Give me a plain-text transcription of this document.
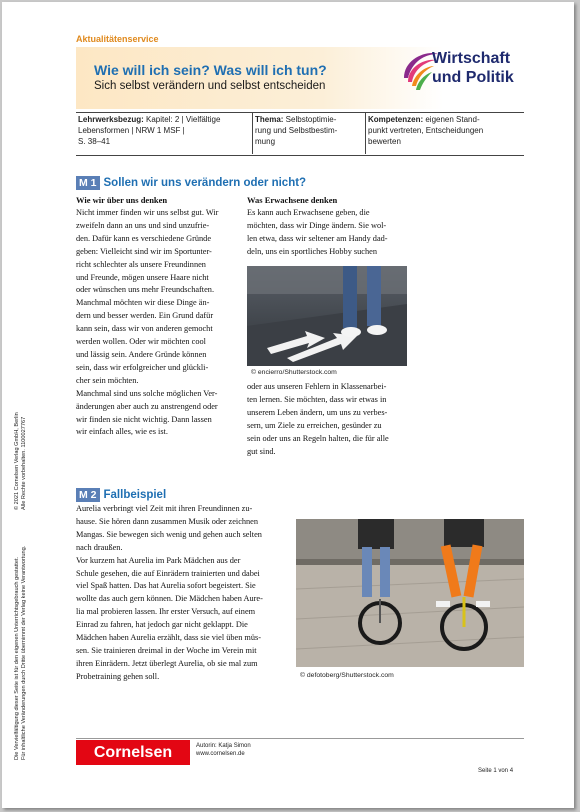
Aktualitätenservice
Wie will ich sein? Was will ich tun?
Sich selbst verändern und selbst entscheiden
Wirtschaft
und Politik
Lehrwerksbezug: Kapitel: 2 | Vielfältige
Lebensformen | NRW 1 MSF |
S. 38–41
Thema: Selbstoptimie-
rung und Selbstbestim-
mung
Kompetenzen: eigenen Stand-
punkt vertreten, Entscheidungen
bewerten
M 1 Sollen wir uns verändern oder nicht?
Wie wir über uns denken
Nicht immer finden wir uns selbst gut. Wir
zweifeln dann an uns und sind unzufrie-
den. Dafür kann es verschiedene Gründe
geben: Vielleicht sind wir im Sportunter-
richt schlechter als unsere Freundinnen
und Freunde, mögen unsere Haare nicht
oder wünschen uns mehr Freundschaften.
Manchmal möchten wir diese Dinge än-
dern und besser werden. Ein Grund dafür
kann sein, dass wir von anderen gemocht
werden wollen. Oder wir möchten cool
und lässig sein. Andere Gründe können
sein, dass wir erfolgreicher und glückli-
cher sein möchten.
Manchmal sind uns solche möglichen Ver-
änderungen aber auch zu anstrengend oder
wir finden sie nicht wichtig. Dann lassen
wir einfach alles, wie es ist.
Was Erwachsene denken
Es kann auch Erwachsene geben, die
möchten, dass wir Dinge ändern. Sie wol-
len etwa, dass wir seltener am Handy dad-
deln, uns ein sportliches Hobby suchen
© encierro/Shutterstock.com
oder aus unseren Fehlern in Klassenarbei-
ten lernen. Sie möchten, dass wir etwas in
unserem Leben ändern, um uns zu verbes-
sern, um Ziele zu erreichen, gesünder zu
sein oder uns an Regeln halten, die für alle
gut sind.
M 2 Fallbeispiel
Aurelia verbringt viel Zeit mit ihren Freundinnen zu-
hause. Sie hören dann zusammen Musik oder zeichnen
Mangas. Sie bewegen sich wenig und gehen auch selten
nach draußen.
Vor kurzem hat Aurelia im Park Mädchen aus der
Schule gesehen, die auf Einrädern trainierten und dabei
viel Spaß hatten. Das hat Aurelia sofort begeistert. Sie
wollte das auch gern können. Die Mädchen haben Aure-
lia mal probieren lassen. Ihr erster Versuch, auf einem
Einrad zu fahren, hat jedoch gar nicht geklappt. Die
Mädchen haben Aurelia erzählt, dass sie viel üben müs-
sen. Sie trainieren dreimal in der Woche im Verein mit
ihren Einrädern. Jetzt überlegt Aurelia, ob sie mal zum
Probetraining gehen soll.	© defotoberg/Shutterstock.com
© 2021 Cornelsen Verlag GmbH, Berlin Alle Rechte vorbehalten. 1100027767
Die Vervielfältigung dieser Seite ist für den eigenen Unterrichtsgebrauch gestattet. Für inhaltliche Veränderungen durch Dritte übernimmt der Verlag keine Verantwortung.	Cornelsen	Autorin: Katja Simon
www.cornelsen.de
Seite 1 von 4
